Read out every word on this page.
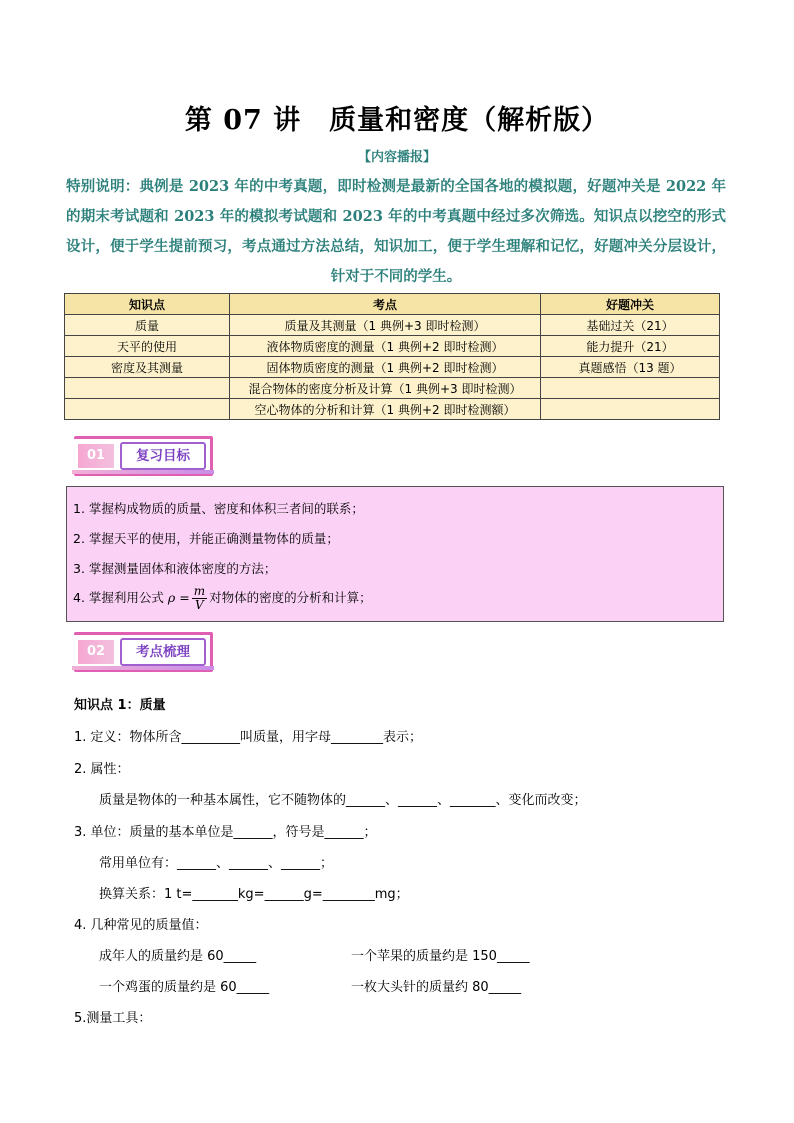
第 07 讲　质量和密度（解析版）
【内容播报】
特别说明：典例是 2023 年的中考真题，即时检测是最新的全国各地的模拟题，好题冲关是 2022 年的期末考试题和 2023 年的模拟考试题和 2023 年的中考真题中经过多次筛选。知识点以挖空的形式设计，便于学生提前预习，考点通过方法总结，知识加工，便于学生理解和记忆，好题冲关分层设计，针对于不同的学生。
知识点	考点	好题冲关
质量	质量及其测量（1 典例+3 即时检测）	基础过关（21）
天平的使用	液体物质密度的测量（1 典例+2 即时检测）	能力提升（21）
密度及其测量	固体物质密度的测量（1 典例+2 即时检测）	真题感悟（13 题）
	混合物体的密度分析及计算（1 典例+3 即时检测）	
	空心物体的分析和计算（1 典例+2 即时检测额）	
01	复习目标
1. 掌握构成物质的质量、密度和体积三者间的联系；
2. 掌握天平的使用，并能正确测量物体的质量；
3. 掌握测量固体和液体密度的方法；
4. 掌握利用公式 $\rho = \frac{m}{V}$ 对物体的密度的分析和计算；
02	考点梳理
知识点 1：质量
1. 定义：物体所含_________叫质量，用字母________表示；
2. 属性：
质量是物体的一种基本属性，它不随物体的______、______、_______、变化而改变；
3. 单位：质量的基本单位是______，符号是______；
常用单位有：______、______、______；
换算关系：1 t=_______kg=______g=________mg；
4. 几种常见的质量值：
成年人的质量约是 60_____	一个苹果的质量约是 150_____
一个鸡蛋的质量约是 60_____	一枚大头针的质量约 80_____
5.测量工具：
